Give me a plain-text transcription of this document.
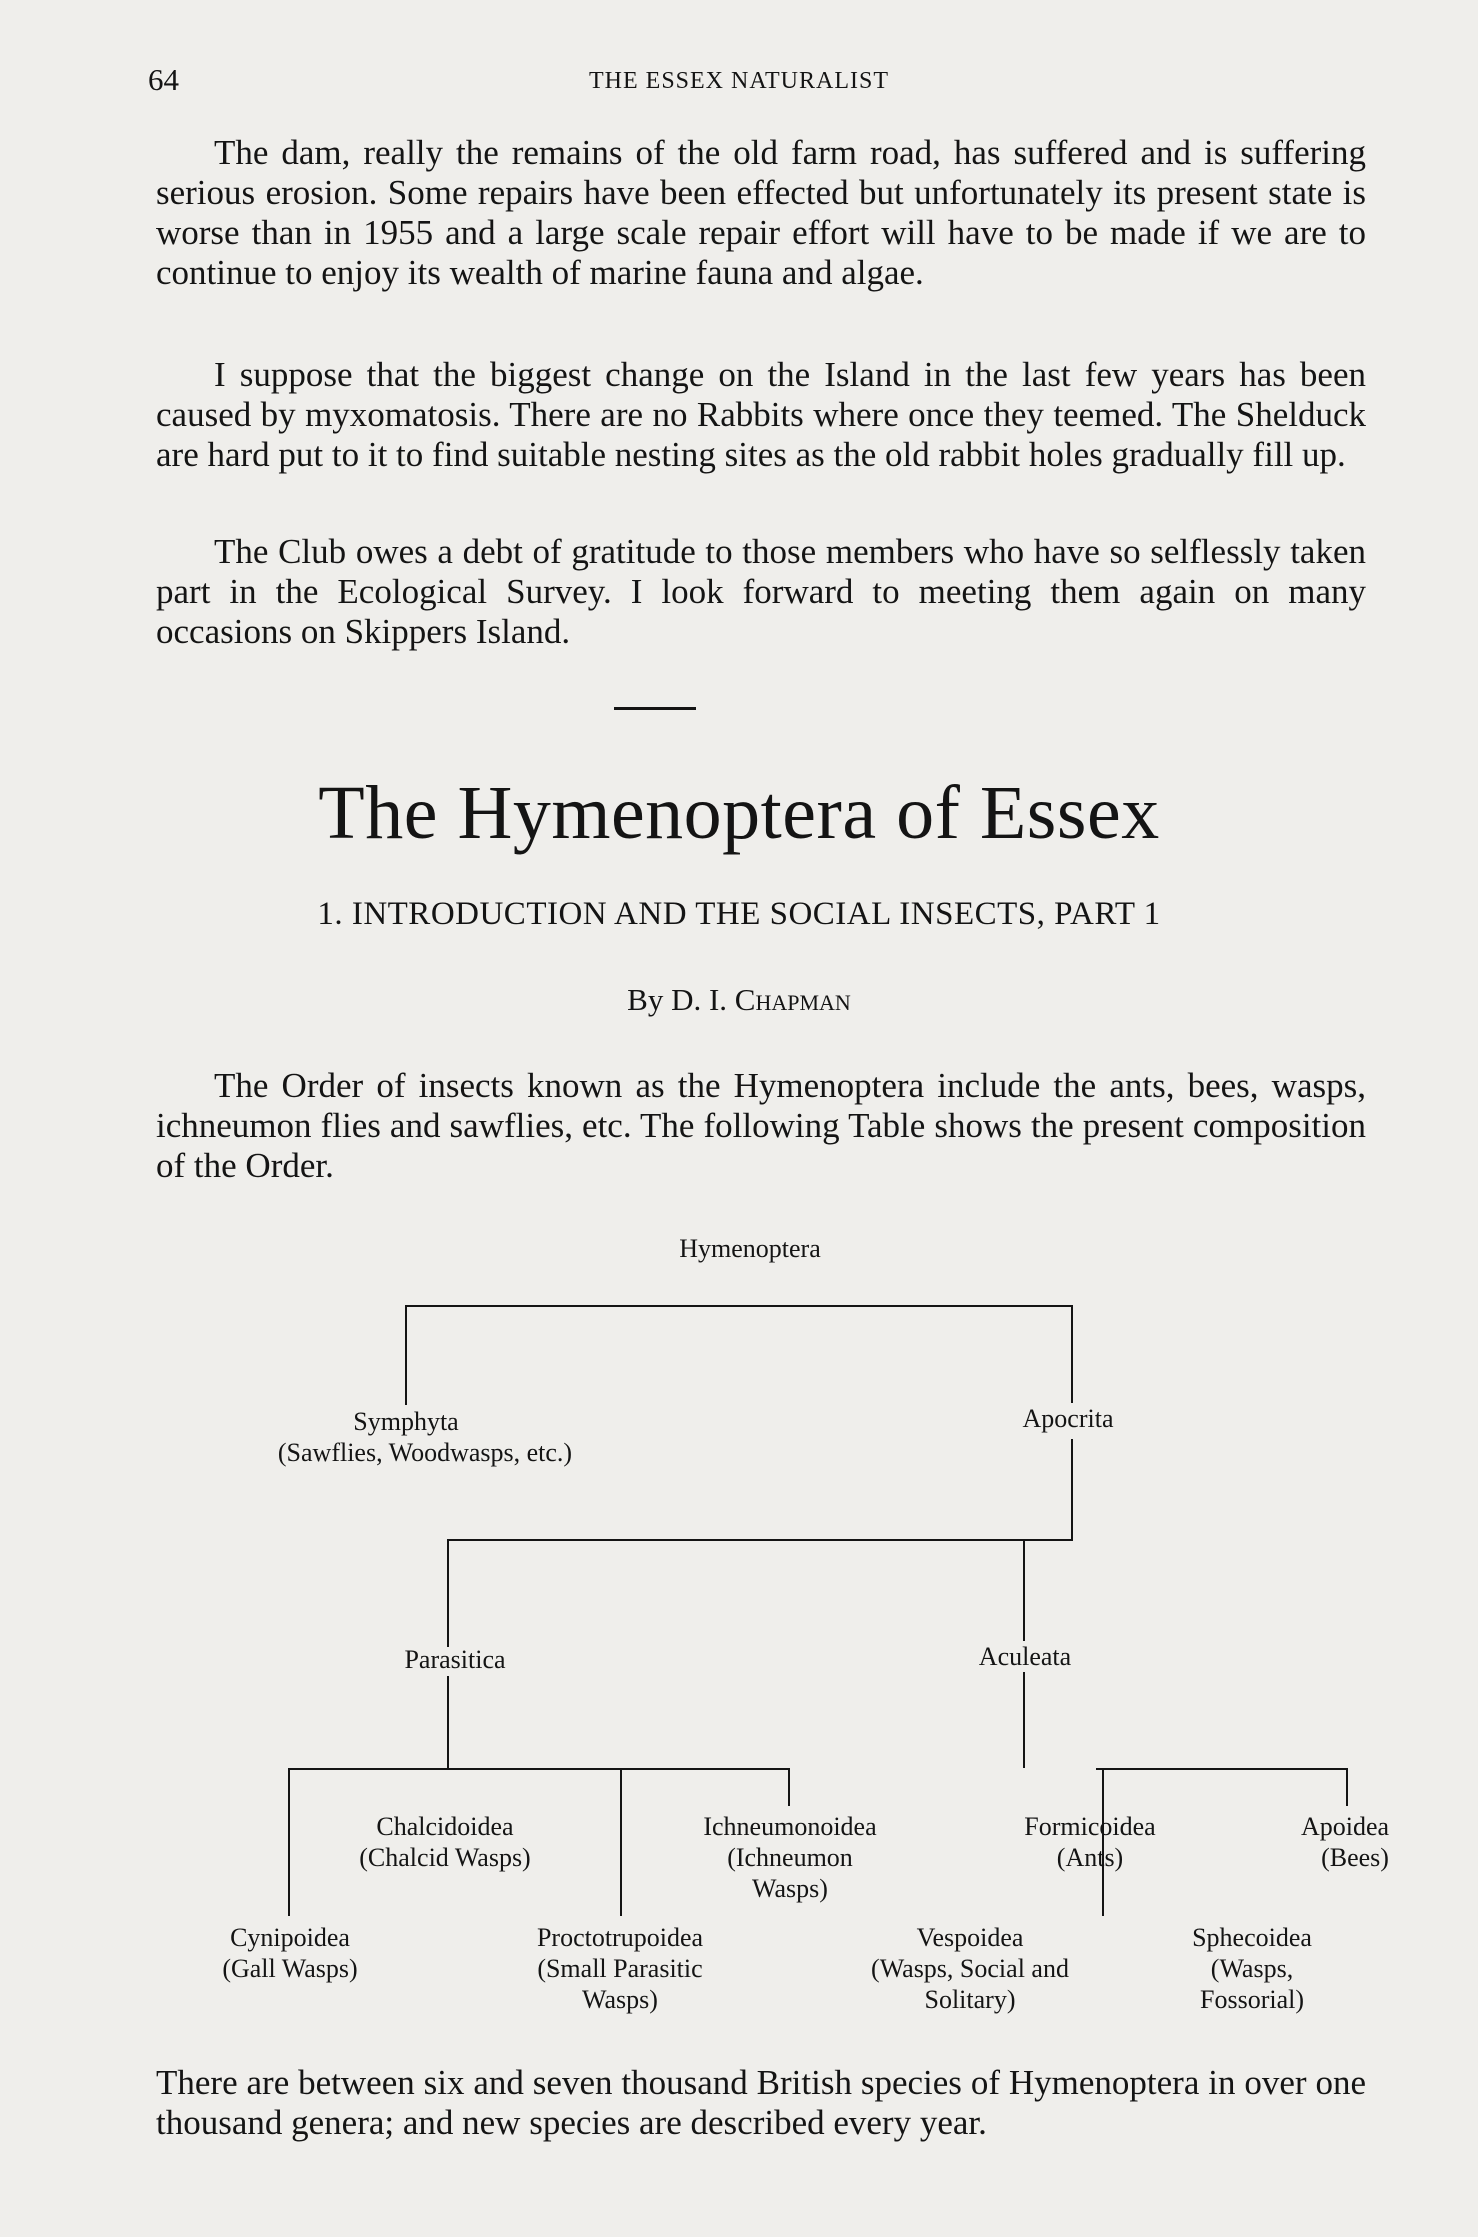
64	THE ESSEX NATURALIST

The dam, really the remains of the old farm road, has suffered and is suffering serious erosion. Some repairs have been effected but unfortunately its present state is worse than in 1955 and a large scale repair effort will have to be made if we are to continue to enjoy its wealth of marine fauna and algae.

I suppose that the biggest change on the Island in the last few years has been caused by myxomatosis. There are no Rabbits where once they teemed. The Shelduck are hard put to it to find suitable nesting sites as the old rabbit holes gradually fill up.

The Club owes a debt of gratitude to those members who have so selflessly taken part in the Ecological Survey. I look forward to meeting them again on many occasions on Skippers Island.

The Hymenoptera of Essex
1. INTRODUCTION AND THE SOCIAL INSECTS, PART 1
By D. I. Chapman

The Order of insects known as the Hymenoptera include the ants, bees, wasps, ichneumon flies and sawflies, etc. The following Table shows the present composition of the Order.

Hymenoptera
Symphyta
(Sawflies, Woodwasps, etc.)
Apocrita
Parasitica	Aculeata
Chalcidoidea
(Chalcid Wasps)
Ichneumonoidea
(Ichneumon
Wasps)
Formicoidea
(Ants)
Apoidea
(Bees)
Cynipoidea
(Gall Wasps)
Proctotrupoidea
(Small Parasitic
Wasps)
Vespoidea
(Wasps, Social and
Solitary)
Sphecoidea
(Wasps,
Fossorial)

There are between six and seven thousand British species of Hymenoptera in over one thousand genera; and new species are described every year.
